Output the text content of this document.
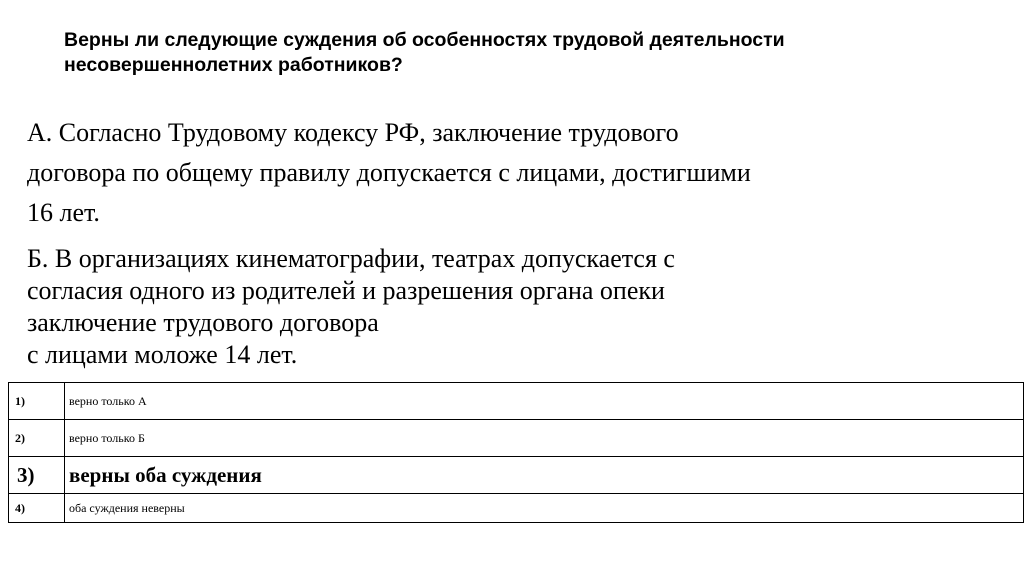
Верны ли следующие суждения об особенностях трудовой деятельности
несовершеннолетних работников?
А. Согласно Трудовому кодексу РФ, заключение трудового
договора по общему правилу допускается с лицами, достигшими
16 лет.
Б. В организациях кинематографии, театрах допускается с
согласия одного из родителей и разрешения органа опеки
заключение трудового договора
с лицами моложе 14 лет.
1)	верно только А
2)	верно только Б
3)	верны оба суждения
4)	оба суждения неверны
